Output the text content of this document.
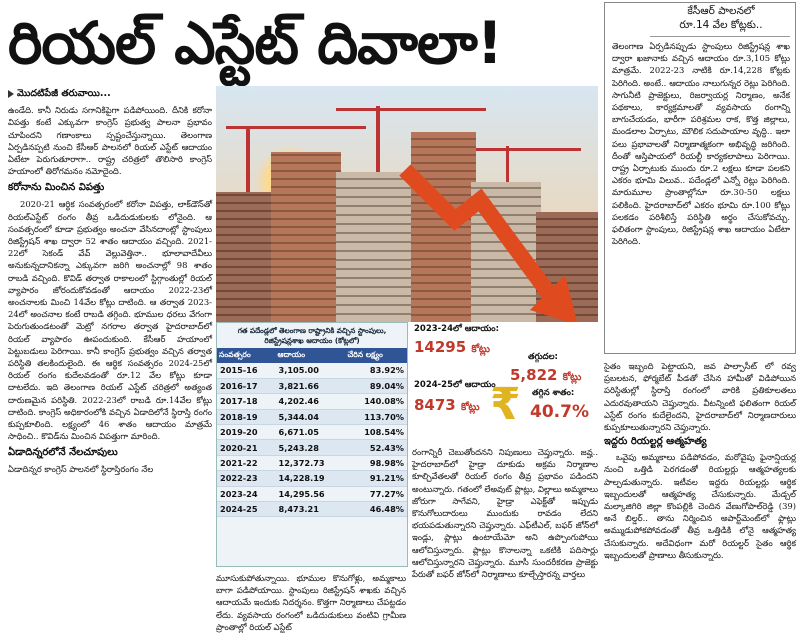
రియల్ ఎస్టేట్ దివాలా!
మొదటిపేజీ తరువాయి...

ఉండేది. కానీ నిరుడు సగానికిపైగా పడిపోయింది. దీనికి కరోనా విపత్తు కంటే ఎక్కువగా కాంగ్రెస్ ప్రభుత్వ పాలనా ప్రభావం చూపిందని గణాంకాలు స్పష్టంచేస్తున్నాయి. తెలంగాణ ఏర్పడినప్పటి నుంచి కేసీఆర్ పాలనలో రియల్ ఎస్టేట్ ఆదాయం ఏటేటా పెరుగుతూరాగా.. రాష్ట్ర చరిత్రలో తొలిసారి కాంగ్రెస్ హయాంలో తిరోగమనం నమోదైంది.

కరోనాను మించిన విపత్తు

2020-21 ఆర్థిక సంవత్సరంలో కరోనా విపత్తు, లాక్‌డౌన్‌తో రియల్‌ఎస్టేట్ రంగం తీవ్ర ఒడిదుడుకులకు లోనైంది. ఆ సంవత్సరంలో కూడా ప్రభుత్వం అంచనా వేసినదాంట్లో స్టాంపులు రిజిస్ట్రేషన్ శాఖ ద్వారా 52 శాతం ఆదాయం వచ్చింది. 2021-22లో సెకండ్ వేవ్ వెల్లువెత్తినా.. భూలావాదేవీలు అనుకున్నదానికన్నా ఎక్కువగా జరిగి అంచనాల్లో 98 శాతం రాబడి వచ్చింది. కొవిడ్ తర్వాత రాకాలంలో స్టిగ్గాంతుల్లో రియల్ వ్యాపారం జోరందుకోవడంతో ఆదాయం 2022-23లో అంచనాలకు మించి 14వేల కోట్లు దాటింది. ఆ తర్వాత 2023-24లో అంచనాల కంటే రాబడి తగ్గింది. భూముల ధరలు వేగంగా పెరుగుతుండటంతో మెట్రో నగరాల తర్వాత హైదరాబాద్‌లో రియల్ వ్యాపారం ఊపందుకుంది. కేసీఆర్ హయాంలో పెట్టుబడులు పెరిగాయి. కానీ కాంగ్రెస్ ప్రభుత్వం వచ్చిన తర్వాత పరిస్థితి తలకిందులైంది. ఈ ఆర్థిక సంవత్సరం 2024-25లో రియల్ రంగం కుదేలవడంతో రూ.12 వేల కోట్లు కూడా దాటలేదు. ఇది తెలంగాణ రియల్ ఎస్టేట్ చరిత్రలో అత్యంత దారుణమైన పరిస్థితి. 2022-23లో రాబడి రూ.14వేల కోట్లు దాటింది. కాంగ్రెస్ అధికారంలోకి వచ్చిన ఏడాదిలోనే స్థిరాస్తి రంగం కుప్పకూలింది. లక్ష్యంలో 46 శాతం ఆదాయం మాత్రమే సాధించి.. కొవిడ్‌ను మించిన విపత్తుగా మారింది.

ఏడాదిన్నరలోనే నేలచూపులు

ఏడాదిన్నర కాంగ్రెస్ పాలనలో స్థిరాస్తిరంగం నేల

గత పదేండ్లలో తెలంగాణ రాష్ట్రానికి వచ్చిన స్టాంపులు, రిజిస్ట్రేషన్లశాఖ ఆదాయం (కోట్లలో)
సంవత్సరం	ఆదాయం	చేరిన లక్ష్యం
2015-16	3,105.00	83.92%
2016-17	3,821.66	89.04%
2017-18	4,202.46	140.08%
2018-19	5,344.04	113.70%
2019-20	6,671.05	108.54%
2020-21	5,243.28	52.43%
2021-22	12,372.73	98.98%
2022-23	14,228.19	91.21%
2023-24	14,295.56	77.27%
2024-25	8,473.21	46.48%
2023-24లో ఆదాయం:
14295 కోట్లు
తగ్గుదల:
5,822 కోట్లు
2024-25లో ఆదాయం
8473 కోట్లు ₹ తగ్గిన శాతం:
40.7%
రంగాన్నిరీ చెబుతోందనని నిపుణులు చెప్తున్నారు. జవ్హ.. హైదరాబాద్‌లో హైడ్రా దూకుడు అక్రమ నిర్మాణాల కూల్చివేతలతో రియల్ రంగం తీవ్ర ప్రభావం పడిందని అంటున్నారు. గతంలో లేఅవుట్ ప్లాట్లు, విల్లాలు అమ్మకాలు జోరుగా సాగేవని, హైడ్రా ఎఫెక్ట్‌తో ఇప్పుడు కొనుగోలుదారులు ముందుకు రావడం లేదని భయపడుతున్నారని చెప్తున్నారు. ఎఫ్‌టీఎల్, బఫర్ జోన్‌లో ఇండ్లు, ప్లాట్లు ఉంటాయేమో అని ఉప్పొంగుపోయి ఆలోచిస్తున్నారు. ప్లాట్లు కొనాలన్నా ఒకటికి పదిసార్లు ఆలోచిస్తున్నారని చెప్తున్నారు. మూసీ సుందరీకరణ ప్రాజెక్టు పేరుతో బఫర్ జోన్‌లో నిర్మాణాలు కూల్చేస్తారన్న వార్తలు
మూసుకుపోతున్నాయి. భూముల కొనుగోళ్లు, అమ్మకాలు బాగా పడిపోయాయి. స్టాంపులు రిజిస్ట్రేషన్ శాఖకు వచ్చిన ఆదాయమే ఇందుకు నిదర్శనం. కొత్తగా నిర్మాణాలు చేపట్టడం లేదు. వ్యవసాయ రంగంలో ఒడిదుడుకులు వంటివి గ్రామీణ ప్రాంతాల్లో రియల్ ఎస్టేట్
కేసీఆర్ పాలనలో
రూ.14 వేల కోట్లకు..
తెలంగాణ ఏర్పడినప్పుడు స్టాంపులు రిజిస్ట్రేషన్ల శాఖ ద్వారా ఖజానాకు వచ్చిన ఆదాయం రూ.3,105 కోట్లు మాత్రమే. 2022-23 నాటికి రూ.14,228 కోట్లకు పెరిగింది. అంటే.. ఆదాయం నాలుగున్నర రెట్లు పెరిగింది. సాగునీటి ప్రాజెక్టులు, రిజర్వాయర్ల నిర్మాణం, అనేక పథకాలు, కార్యక్రమాలతో వ్యవసాయ రంగాన్ని బాగుచేయడం, భారీగా పరిశ్రమల రాక, కొత్త జిల్లాలు, మండలాల ఏర్పాటు, మౌలిక సదుపాయాల వృద్ధి.. ఇలా పలు ప్రభావాలతో నిర్మాణాత్మకంగా అభివృద్ధి జరిగింది. దీంతో ఆస్తిపాయలో రియల్టీ కార్యకలాపాలు పెరిగాయి. రాష్ట్ర ఏర్పాటుకు ముందు రూ.2 లక్షలు కూడా పలకని ఎకరం భూమి విలువ.. పదేండ్లలో ఎన్నో రెట్లు పెరిగింది. మారుమూల ప్రాంతాల్లోనూ రూ.30-50 లక్షలు పలికింది. హైదరాబాద్‌లో ఎకరం భూమి రూ.100 కోట్లు పలకడం పరిశీలిస్తే పరిస్థితి అర్థం చేసుకోవచ్చు. ఫలితంగా స్టాంపులు, రిజిస్ట్రేషన్ల శాఖ ఆదాయం ఏటేటా పెరిగింది.

సైతం ఇబ్బంది పెట్టాయని, జవ పాల్పాసీట్ లో రవ్వ ప్రబలటన, ఫోర్మబేట్ పీడతో చేసిన హామీతో విడిపోయిన పరిస్థితుల్లో స్థిరాస్తి రంగంలో వారికి ప్రతికూలతలు ఎదురవుతాయని చెప్తున్నారు. వీటన్నింటి ఫలితంగా రియల్ ఎస్టేట్ రంగం కుదేలైందని, హైదరాబాద్‌లో నిర్మాణదారులు కుప్పకూలుతున్నారని చెప్తున్నారు.

ఇద్దరు రియల్టర్ల ఆత్మహత్య

ఒవైపు అమ్మకాలు పడిపోవడం, మరోవైపు ఫైనాన్షియర్ల నుంచి ఒత్తిడి పెరగడంతో రియల్టర్లు ఆత్మహత్యలకు పాల్పడుతున్నారు. ఇటీవల ఇద్దరు రియల్టర్లు ఆర్థిక ఇబ్బందులతో ఆత్మహత్య చేసుకున్నారు. మేడ్చల్ మల్కాజిగిరి జిల్లా కొంపల్లికి చెందిన వేణుగోపాల్‌రెడ్డి (39) అనే బిల్డర్.. తాను నిర్మించిన అపార్ట్‌మెంట్‌లో ఫ్లాట్లు అమ్ముడుపోకపోవడంతో తీవ్ర ఒత్తిడికి లోనై ఆత్మహత్య చేసుకున్నారు. అదేవిధంగా మరో రియల్టర్ సైతం ఆర్థిక ఇబ్బందులతో ప్రాణాలు తీసుకున్నారు.
